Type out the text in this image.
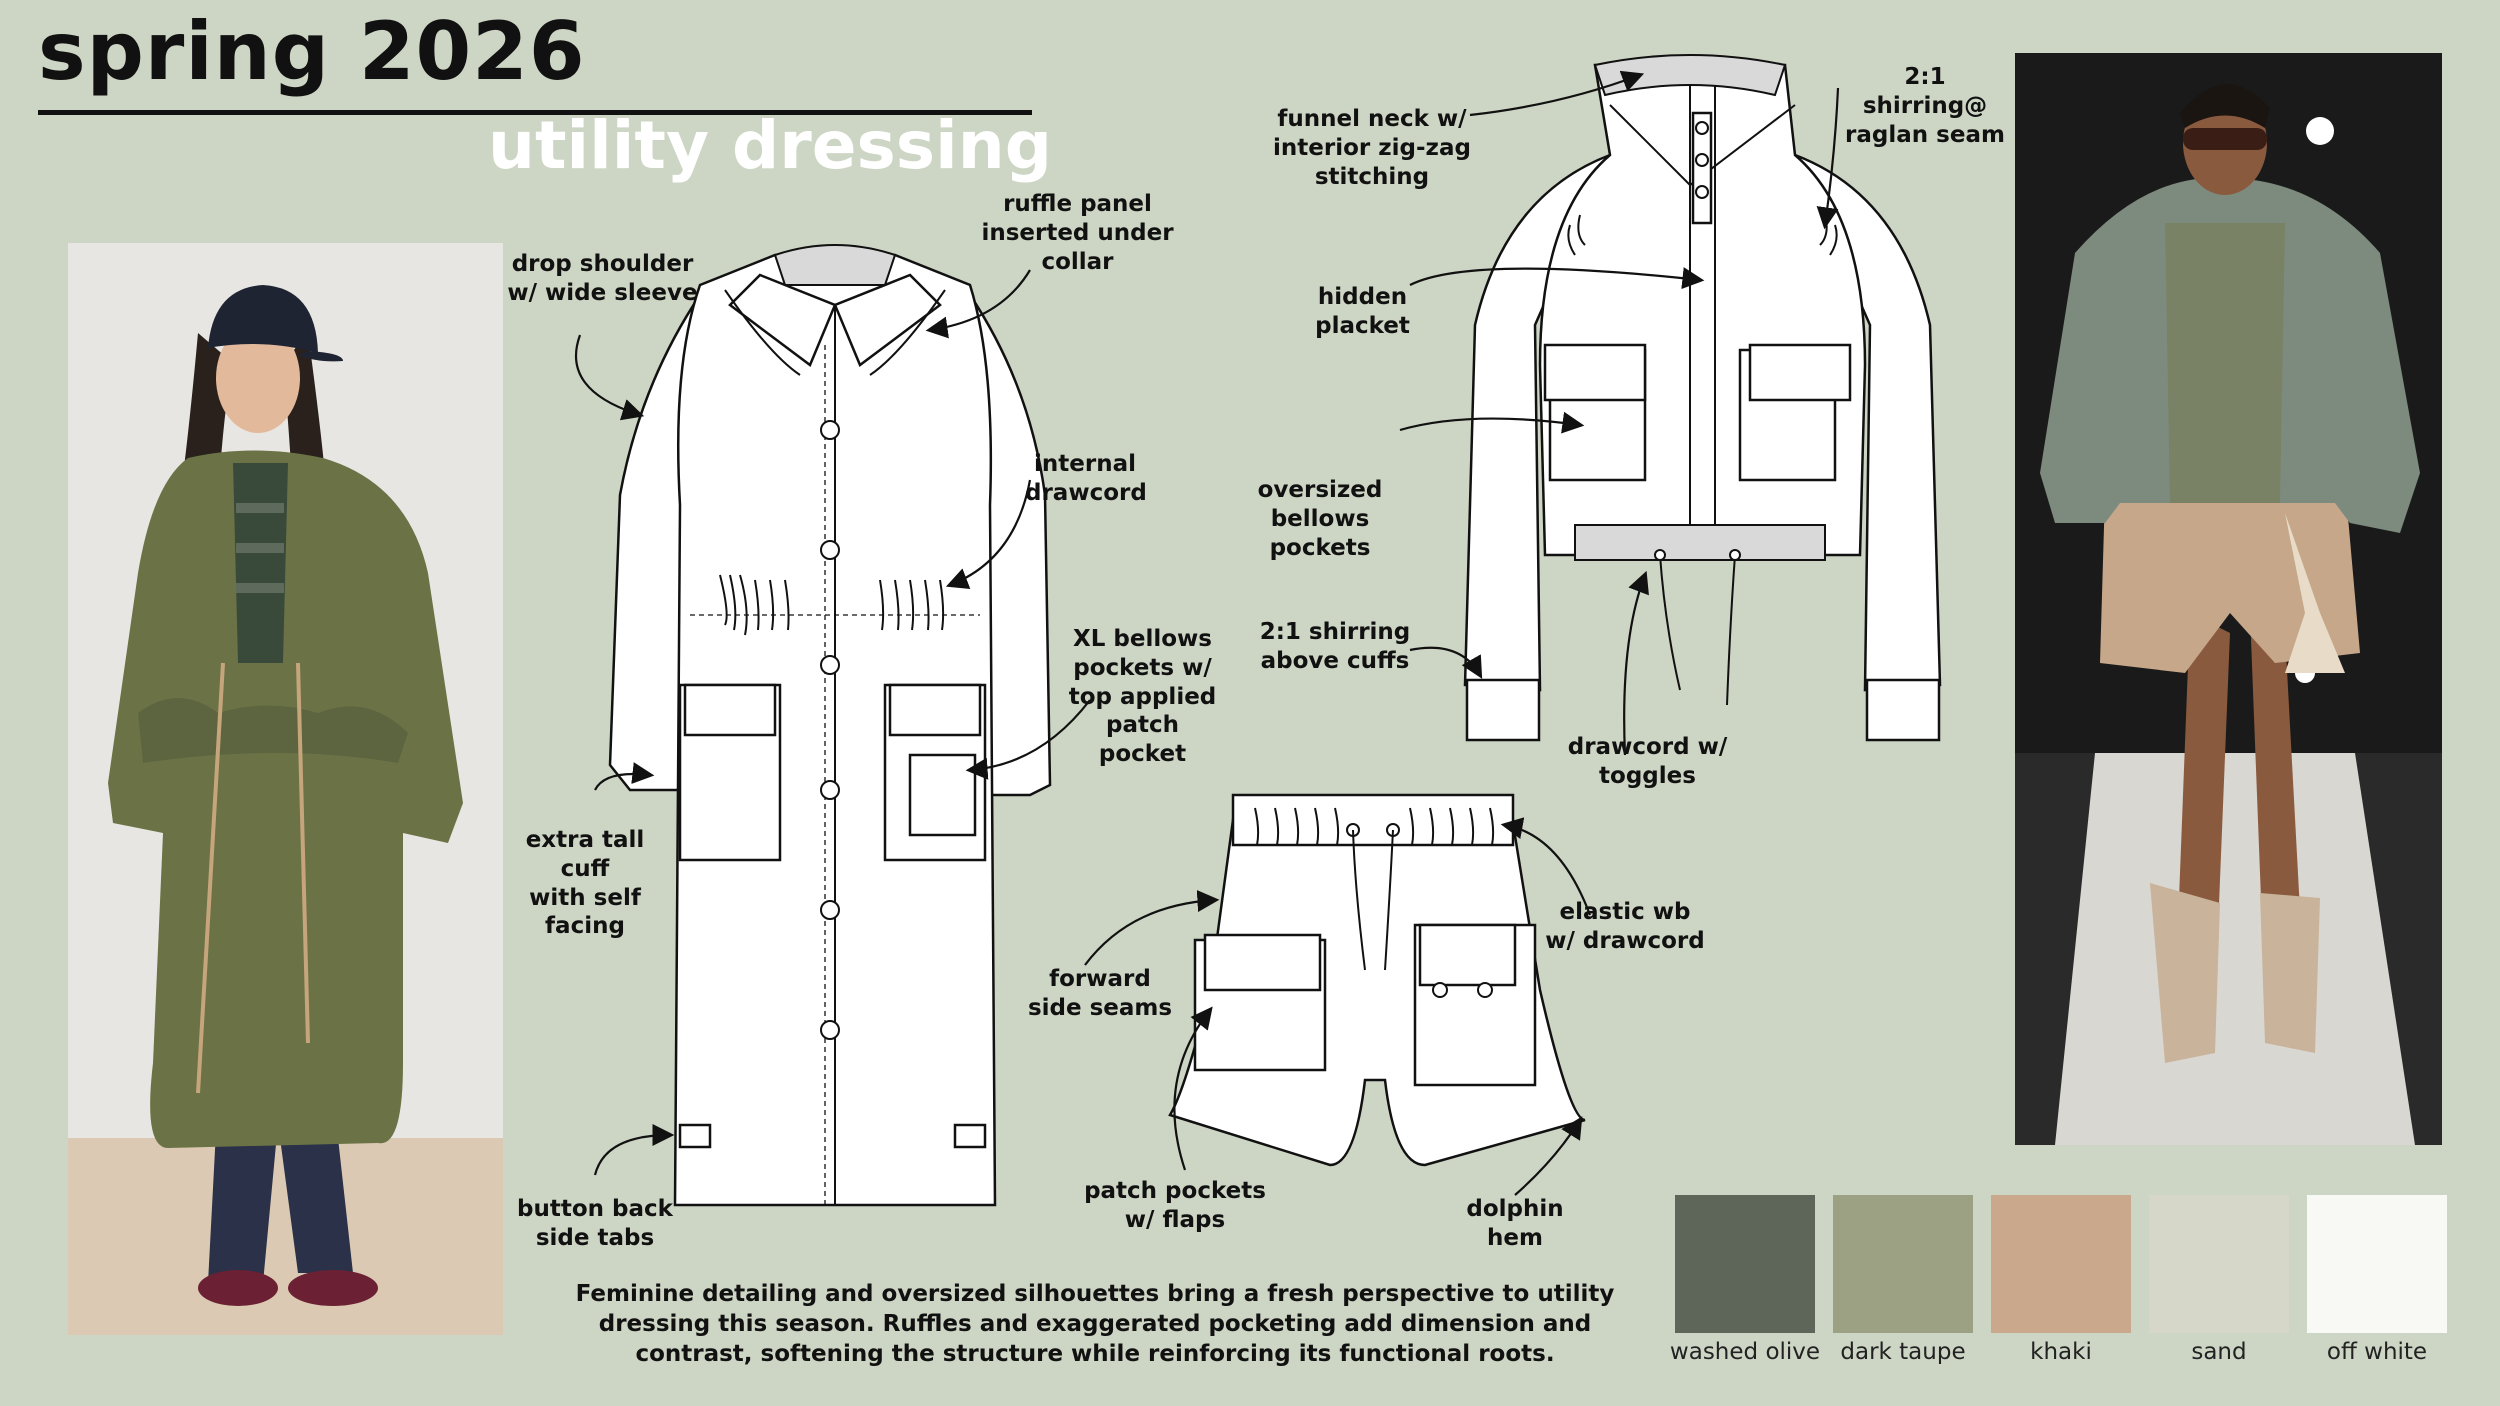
spring 2026
utility dressing
drop shoulder
w/ wide sleeve
ruffle panel
inserted under
collar
internal
drawcord
XL bellows
pockets w/
top applied
patch pocket
extra tall cuff
with self
facing
button back
side tabs
funnel neck w/
interior zig-zag
stitching
hidden
placket
oversized bellows
pockets
2:1 shirring
above cuffs
2:1 shirring@
raglan seam
drawcord w/
toggles
forward
side seams
elastic wb
w/ drawcord
patch pockets
w/ flaps	dolphin
hem
Feminine detailing and oversized silhouettes bring a fresh perspective to utility dressing this season. Ruffles and exaggerated pocketing add dimension and contrast, softening the structure while reinforcing its functional roots.	washed olive dark taupe	khaki	sand	off white
